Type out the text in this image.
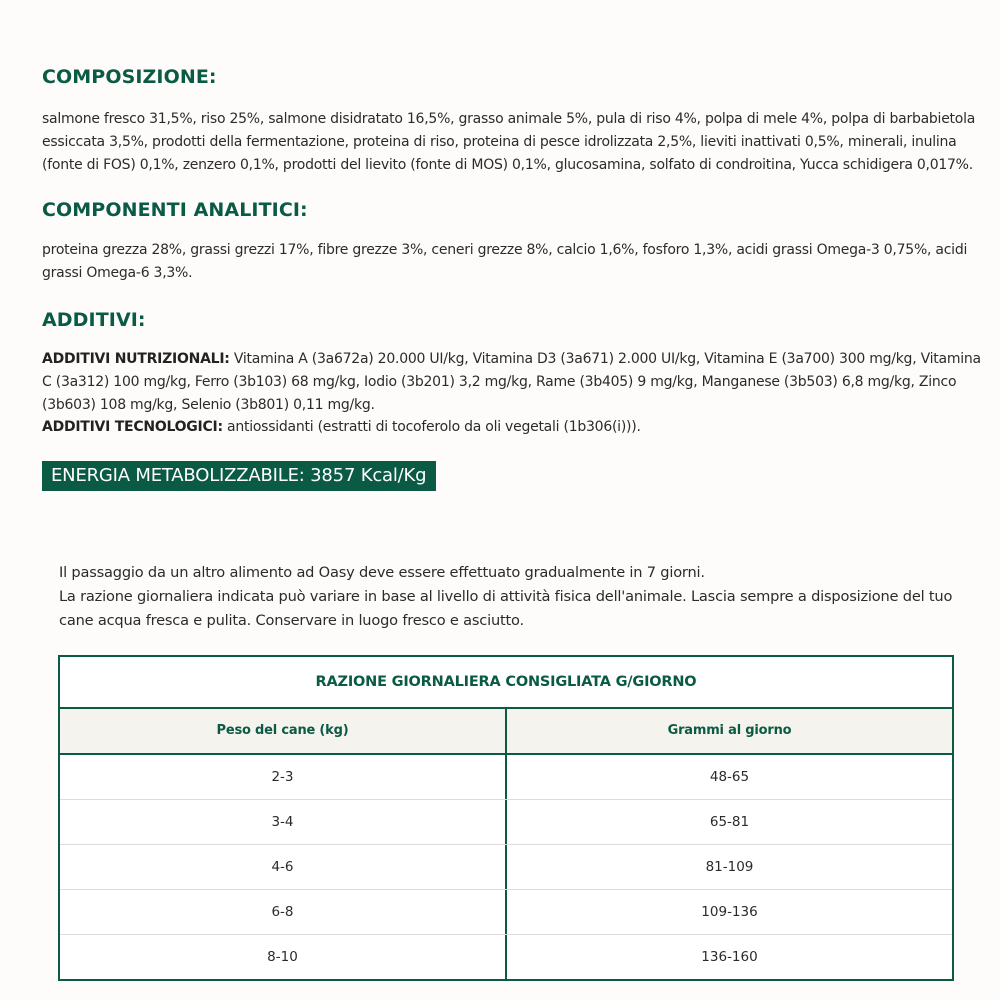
COMPOSIZIONE:

salmone fresco 31,5%, riso 25%, salmone disidratato 16,5%, grasso animale 5%, pula di riso 4%, polpa di mele 4%, polpa di barbabietola essiccata 3,5%, prodotti della fermentazione, proteina di riso, proteina di pesce idrolizzata 2,5%, lieviti inattivati 0,5%, minerali, inulina (fonte di FOS) 0,1%, zenzero 0,1%, prodotti del lievito (fonte di MOS) 0,1%, glucosamina, solfato di condroitina, Yucca schidigera 0,017%.

COMPONENTI ANALITICI:

proteina grezza 28%, grassi grezzi 17%, fibre grezze 3%, ceneri grezze 8%, calcio 1,6%, fosforo 1,3%, acidi grassi Omega-3 0,75%, acidi grassi Omega-6 3,3%.

ADDITIVI:

ADDITIVI NUTRIZIONALI: Vitamina A (3a672a) 20.000 UI/kg, Vitamina D3 (3a671) 2.000 UI/kg, Vitamina E (3a700) 300 mg/kg, Vitamina C (3a312) 100 mg/kg, Ferro (3b103) 68 mg/kg, Iodio (3b201) 3,2 mg/kg, Rame (3b405) 9 mg/kg, Manganese (3b503) 6,8 mg/kg, Zinco (3b603) 108 mg/kg, Selenio (3b801) 0,11 mg/kg.

ADDITIVI TECNOLOGICI: antiossidanti (estratti di tocoferolo da oli vegetali (1b306(i))).

ENERGIA METABOLIZZABILE: 3857 Kcal/Kg

Il passaggio da un altro alimento ad Oasy deve essere effettuato gradualmente in 7 giorni.
La razione giornaliera indicata può variare in base al livello di attività fisica dell'animale. Lascia sempre a disposizione del tuo cane acqua fresca e pulita. Conservare in luogo fresco e asciutto.

RAZIONE GIORNALIERA CONSIGLIATA G/GIORNO
Peso del cane (kg)	Grammi al giorno
2-3	48-65
3-4	65-81
4-6	81-109
6-8	109-136
8-10	136-160
